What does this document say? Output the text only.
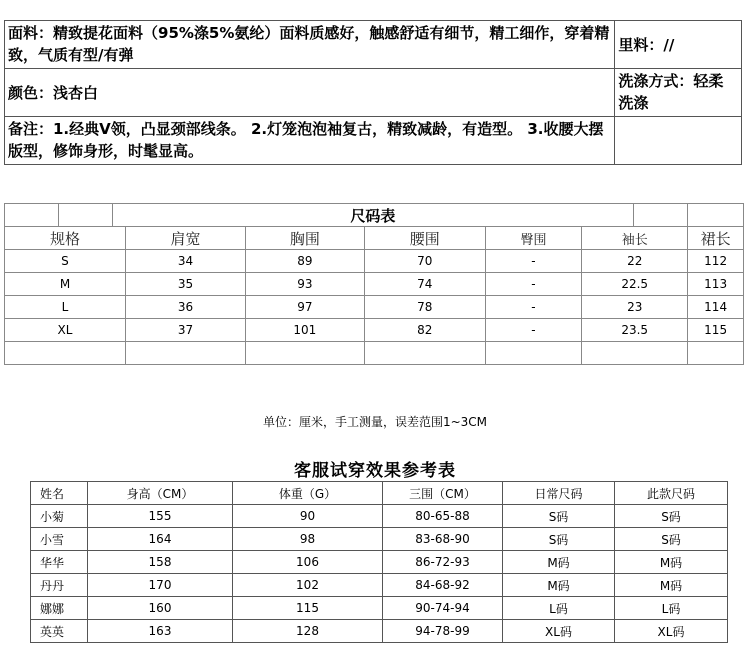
面料：精致提花面料（95%涤5%氨纶）面料质感好，触感舒适有细节，精工细作，穿着精致，气质有型/有弹	里料：//
颜色：浅杏白	洗涤方式：轻柔洗涤
备注：1.经典V领，凸显颈部线条。 2.灯笼泡泡袖复古，精致减龄，有造型。 3.收腰大摆版型，修饰身形，时髦显高。	
		尺码表							
规格			肩宽	胸围	腰围	臀围	袖长		裙长
S			34	89	70	-	22		112
M			35	93	74	-	22.5		113
L			36	97	78	-	23		114
XL			37	101	82	-	23.5		115

单位：厘米，手工测量，误差范围1~3CM
客服试穿效果参考表
姓名	身高（CM）	体重（G）	三围（CM）	日常尺码	此款尺码
小菊	155	90	80-65-88	S码	S码
小雪	164	98	83-68-90	S码	S码
华华	158	106	86-72-93	M码	M码
丹丹	170	102	84-68-92	M码	M码
娜娜	160	115	90-74-94	L码	L码
英英	163	128	94-78-99	XL码	XL码
